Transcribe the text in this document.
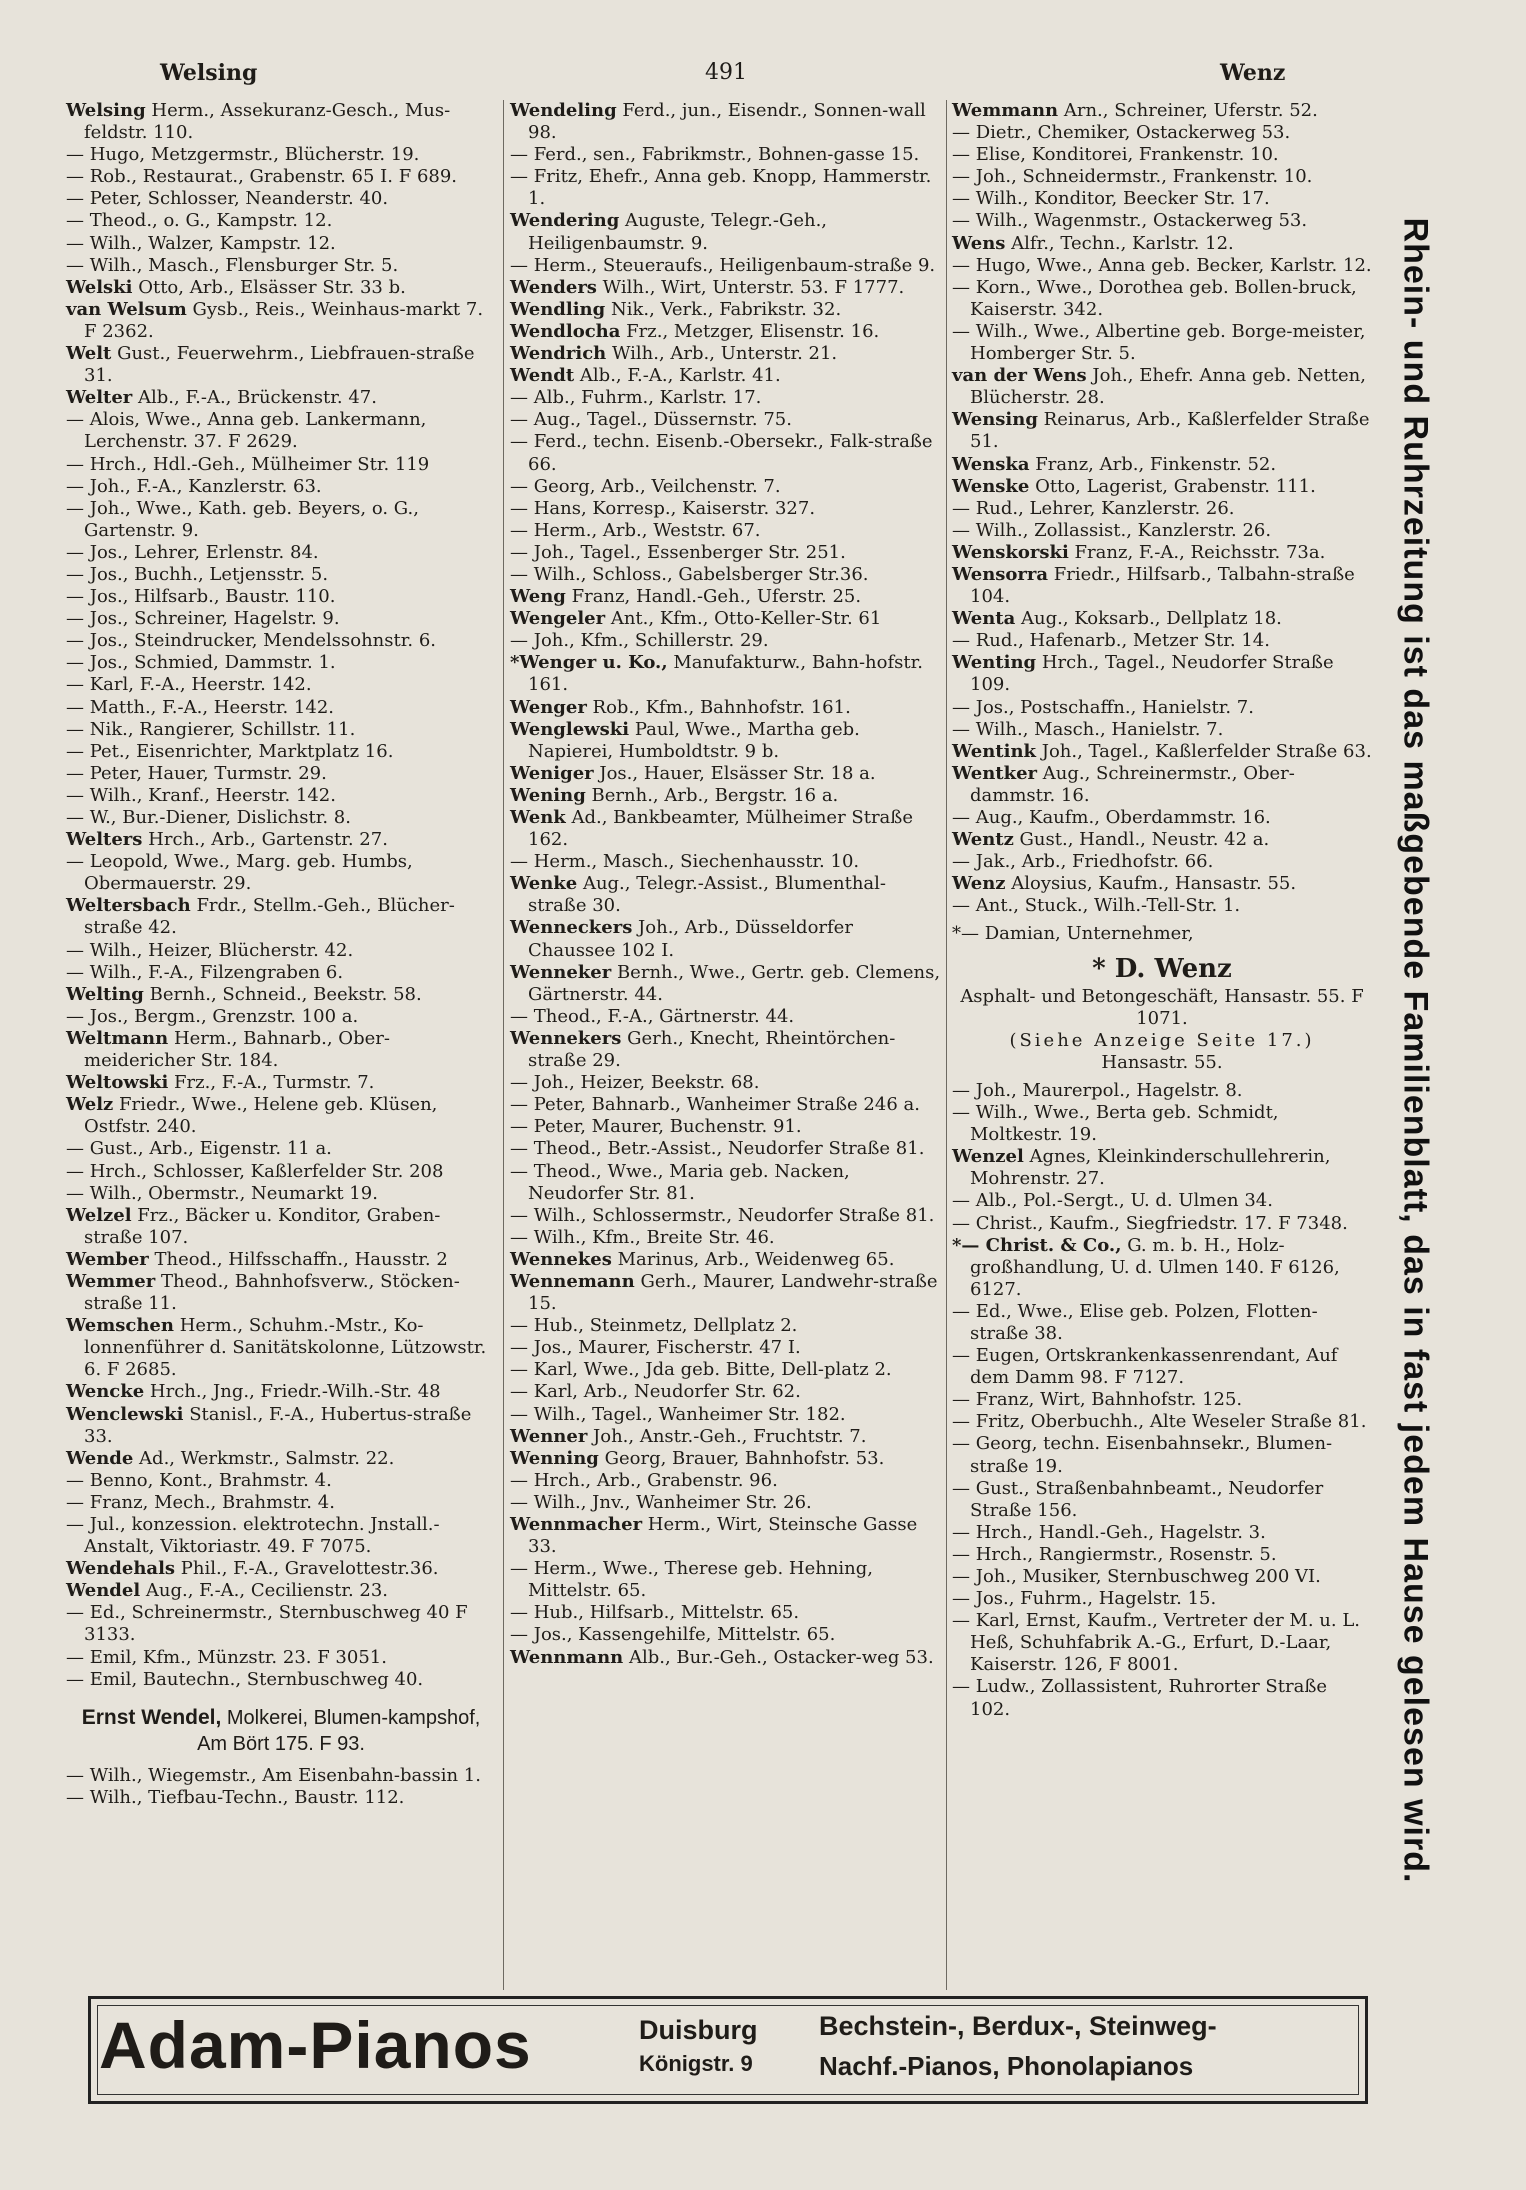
Welsing	491	Wenz

Welsing Herm., Assekuranz-Gesch., Mus-feldstr. 110.

— Hugo, Metzgermstr., Blücherstr. 19.

— Rob., Restaurat., Grabenstr. 65 I. F 689.

— Peter, Schlosser, Neanderstr. 40.

— Theod., o. G., Kampstr. 12.

— Wilh., Walzer, Kampstr. 12.

— Wilh., Masch., Flensburger Str. 5.

Welski Otto, Arb., Elsässer Str. 33 b.

van Welsum Gysb., Reis., Weinhaus-markt 7. F 2362.

Welt Gust., Feuerwehrm., Liebfrauen-straße 31.

Welter Alb., F.-A., Brückenstr. 47.

— Alois, Wwe., Anna geb. Lankermann, Lerchenstr. 37. F 2629.

— Hrch., Hdl.-Geh., Mülheimer Str. 119

— Joh., F.-A., Kanzlerstr. 63.

— Joh., Wwe., Kath. geb. Beyers, o. G., Gartenstr. 9.

— Jos., Lehrer, Erlenstr. 84.

— Jos., Buchh., Letjensstr. 5.

— Jos., Hilfsarb., Baustr. 110.

— Jos., Schreiner, Hagelstr. 9.

— Jos., Steindrucker, Mendelssohnstr. 6.

— Jos., Schmied, Dammstr. 1.

— Karl, F.-A., Heerstr. 142.

— Matth., F.-A., Heerstr. 142.

— Nik., Rangierer, Schillstr. 11.

— Pet., Eisenrichter, Marktplatz 16.

— Peter, Hauer, Turmstr. 29.

— Wilh., Kranf., Heerstr. 142.

— W., Bur.-Diener, Dislichstr. 8.

Welters Hrch., Arb., Gartenstr. 27.

— Leopold, Wwe., Marg. geb. Humbs, Obermauerstr. 29.

Weltersbach Frdr., Stellm.-Geh., Blücher-straße 42.

— Wilh., Heizer, Blücherstr. 42.

— Wilh., F.-A., Filzengraben 6.

Welting Bernh., Schneid., Beekstr. 58.

— Jos., Bergm., Grenzstr. 100 a.

Weltmann Herm., Bahnarb., Ober-meidericher Str. 184.

Weltowski Frz., F.-A., Turmstr. 7.

Welz Friedr., Wwe., Helene geb. Klüsen, Ostfstr. 240.

— Gust., Arb., Eigenstr. 11 a.

— Hrch., Schlosser, Kaßlerfelder Str. 208

— Wilh., Obermstr., Neumarkt 19.

Welzel Frz., Bäcker u. Konditor, Graben-straße 107.

Wember Theod., Hilfsschaffn., Hausstr. 2

Wemmer Theod., Bahnhofsverw., Stöcken-straße 11.

Wemschen Herm., Schuhm.-Mstr., Ko-lonnenführer d. Sanitätskolonne, Lützowstr. 6. F 2685.

Wencke Hrch., Jng., Friedr.-Wilh.-Str. 48

Wenclewski Stanisl., F.-A., Hubertus-straße 33.

Wende Ad., Werkmstr., Salmstr. 22.

— Benno, Kont., Brahmstr. 4.

— Franz, Mech., Brahmstr. 4.

— Jul., konzession. elektrotechn. Jnstall.-Anstalt, Viktoriastr. 49. F 7075.

Wendehals Phil., F.-A., Gravelottestr.36.

Wendel Aug., F.-A., Cecilienstr. 23.

— Ed., Schreinermstr., Sternbuschweg 40 F 3133.

— Emil, Kfm., Münzstr. 23. F 3051.

— Emil, Bautechn., Sternbuschweg 40.

Ernst Wendel, Molkerei, Blumen-kampshof, Am Bört 175. F 93.

— Wilh., Wiegemstr., Am Eisenbahn-bassin 1.

— Wilh., Tiefbau-Techn., Baustr. 112.

Wendeling Ferd., jun., Eisendr., Sonnen-wall 98.

— Ferd., sen., Fabrikmstr., Bohnen-gasse 15.

— Fritz, Ehefr., Anna geb. Knopp, Hammerstr. 1.

Wendering Auguste, Telegr.-Geh., Heiligenbaumstr. 9.

— Herm., Steueraufs., Heiligenbaum-straße 9.

Wenders Wilh., Wirt, Unterstr. 53. F 1777.

Wendling Nik., Verk., Fabrikstr. 32.

Wendlocha Frz., Metzger, Elisenstr. 16.

Wendrich Wilh., Arb., Unterstr. 21.

Wendt Alb., F.-A., Karlstr. 41.

— Alb., Fuhrm., Karlstr. 17.

— Aug., Tagel., Düssernstr. 75.

— Ferd., techn. Eisenb.-Obersekr., Falk-straße 66.

— Georg, Arb., Veilchenstr. 7.

— Hans, Korresp., Kaiserstr. 327.

— Herm., Arb., Weststr. 67.

— Joh., Tagel., Essenberger Str. 251.

— Wilh., Schloss., Gabelsberger Str.36.

Weng Franz, Handl.-Geh., Uferstr. 25.

Wengeler Ant., Kfm., Otto-Keller-Str. 61

— Joh., Kfm., Schillerstr. 29.

*Wenger u. Ko., Manufakturw., Bahn-hofstr. 161.

Wenger Rob., Kfm., Bahnhofstr. 161.

Wenglewski Paul, Wwe., Martha geb. Napierei, Humboldtstr. 9 b.

Weniger Jos., Hauer, Elsässer Str. 18 a.

Wening Bernh., Arb., Bergstr. 16 a.

Wenk Ad., Bankbeamter, Mülheimer Straße 162.

— Herm., Masch., Siechenhausstr. 10.

Wenke Aug., Telegr.-Assist., Blumenthal-straße 30.

Wenneckers Joh., Arb., Düsseldorfer Chaussee 102 I.

Wenneker Bernh., Wwe., Gertr. geb. Clemens, Gärtnerstr. 44.

— Theod., F.-A., Gärtnerstr. 44.

Wennekers Gerh., Knecht, Rheintörchen-straße 29.

— Joh., Heizer, Beekstr. 68.

— Peter, Bahnarb., Wanheimer Straße 246 a.

— Peter, Maurer, Buchenstr. 91.

— Theod., Betr.-Assist., Neudorfer Straße 81.

— Theod., Wwe., Maria geb. Nacken, Neudorfer Str. 81.

— Wilh., Schlossermstr., Neudorfer Straße 81.

— Wilh., Kfm., Breite Str. 46.

Wennekes Marinus, Arb., Weidenweg 65.

Wennemann Gerh., Maurer, Landwehr-straße 15.

— Hub., Steinmetz, Dellplatz 2.

— Jos., Maurer, Fischerstr. 47 I.

— Karl, Wwe., Jda geb. Bitte, Dell-platz 2.

— Karl, Arb., Neudorfer Str. 62.

— Wilh., Tagel., Wanheimer Str. 182.

Wenner Joh., Anstr.-Geh., Fruchtstr. 7.

Wenning Georg, Brauer, Bahnhofstr. 53.

— Hrch., Arb., Grabenstr. 96.

— Wilh., Jnv., Wanheimer Str. 26.

Wennmacher Herm., Wirt, Steinsche Gasse 33.

— Herm., Wwe., Therese geb. Hehning, Mittelstr. 65.

— Hub., Hilfsarb., Mittelstr. 65.

— Jos., Kassengehilfe, Mittelstr. 65.

Wennmann Alb., Bur.-Geh., Ostacker-weg 53.

Wemmann Arn., Schreiner, Uferstr. 52.

— Dietr., Chemiker, Ostackerweg 53.

— Elise, Konditorei, Frankenstr. 10.

— Joh., Schneidermstr., Frankenstr. 10.

— Wilh., Konditor, Beecker Str. 17.

— Wilh., Wagenmstr., Ostackerweg 53.

Wens Alfr., Techn., Karlstr. 12.

— Hugo, Wwe., Anna geb. Becker, Karlstr. 12.

— Korn., Wwe., Dorothea geb. Bollen-bruck, Kaiserstr. 342.

— Wilh., Wwe., Albertine geb. Borge-meister, Homberger Str. 5.

van der Wens Joh., Ehefr. Anna geb. Netten, Blücherstr. 28.

Wensing Reinarus, Arb., Kaßlerfelder Straße 51.

Wenska Franz, Arb., Finkenstr. 52.

Wenske Otto, Lagerist, Grabenstr. 111.

— Rud., Lehrer, Kanzlerstr. 26.

— Wilh., Zollassist., Kanzlerstr. 26.

Wenskorski Franz, F.-A., Reichsstr. 73a.

Wensorra Friedr., Hilfsarb., Talbahn-straße 104.

Wenta Aug., Koksarb., Dellplatz 18.

— Rud., Hafenarb., Metzer Str. 14.

Wenting Hrch., Tagel., Neudorfer Straße 109.

— Jos., Postschaffn., Hanielstr. 7.

— Wilh., Masch., Hanielstr. 7.

Wentink Joh., Tagel., Kaßlerfelder Straße 63.

Wentker Aug., Schreinermstr., Ober-dammstr. 16.

— Aug., Kaufm., Oberdammstr. 16.

Wentz Gust., Handl., Neustr. 42 a.

— Jak., Arb., Friedhofstr. 66.

Wenz Aloysius, Kaufm., Hansastr. 55.

— Ant., Stuck., Wilh.-Tell-Str. 1.

*— Damian, Unternehmer,

* D. Wenz

Asphalt- und Betongeschäft, Hansastr. 55. F 1071.

(Siehe Anzeige Seite 17.)

Hansastr. 55.

— Joh., Maurerpol., Hagelstr. 8.

— Wilh., Wwe., Berta geb. Schmidt, Moltkestr. 19.

Wenzel Agnes, Kleinkinderschullehrerin, Mohrenstr. 27.

— Alb., Pol.-Sergt., U. d. Ulmen 34.

— Christ., Kaufm., Siegfriedstr. 17. F 7348.

*— Christ. & Co., G. m. b. H., Holz-großhandlung, U. d. Ulmen 140. F 6126, 6127.

— Ed., Wwe., Elise geb. Polzen, Flotten-straße 38.

— Eugen, Ortskrankenkassenrendant, Auf dem Damm 98. F 7127.

— Franz, Wirt, Bahnhofstr. 125.

— Fritz, Oberbuchh., Alte Weseler Straße 81.

— Georg, techn. Eisenbahnsekr., Blumen-straße 19.

— Gust., Straßenbahnbeamt., Neudorfer Straße 156.

— Hrch., Handl.-Geh., Hagelstr. 3.

— Hrch., Rangiermstr., Rosenstr. 5.

— Joh., Musiker, Sternbuschweg 200 VI.

— Jos., Fuhrm., Hagelstr. 15.

— Karl, Ernst, Kaufm., Vertreter der M. u. L. Heß, Schuhfabrik A.-G., Erfurt, D.-Laar, Kaiserstr. 126, F 8001.

— Ludw., Zollassistent, Ruhrorter Straße 102.	Rhein- und Ruhrzeitung ist das maßgebende Familienblatt, das in fast jedem Hause gelesen wird.
Adam-Pianos	Duisburg
Königstr. 9
Bechstein-, Berdux-, Steinweg-
Nachf.-Pianos, Phonolapianos
